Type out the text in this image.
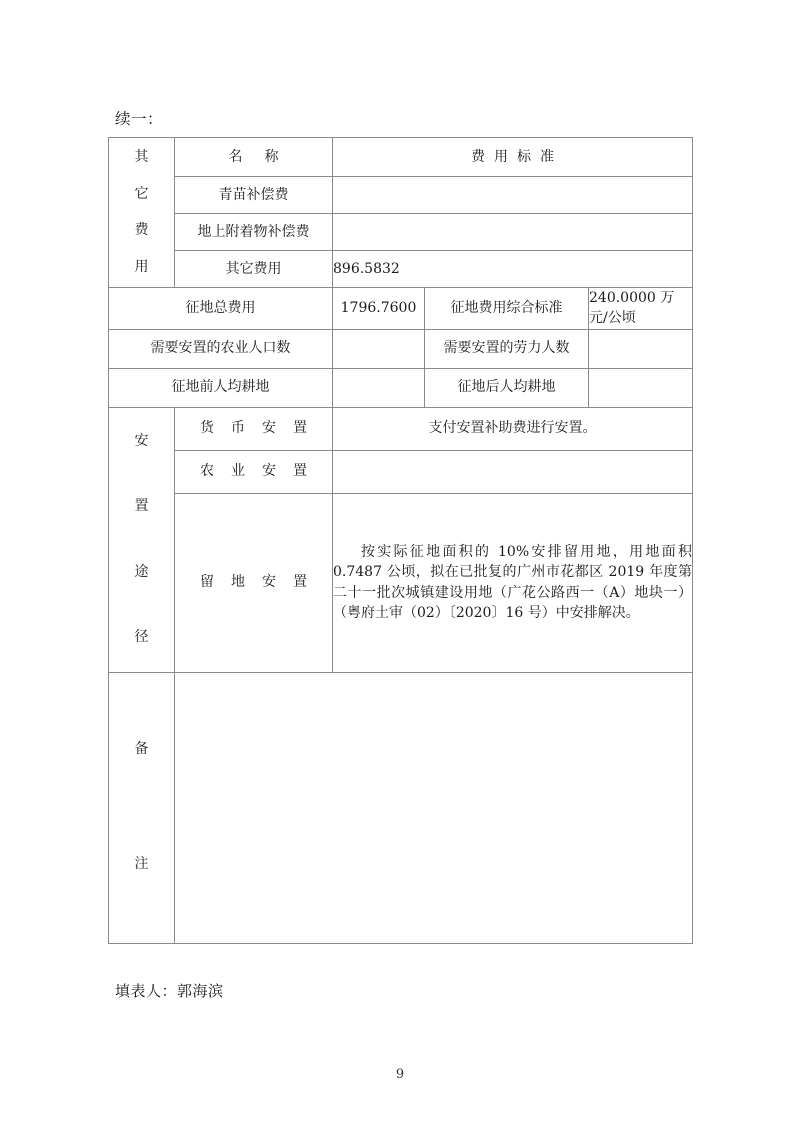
续一：
其
它
费
用	名称	费用标准		
	青苗补偿费			
	地上附着物补偿费			
	其它费用	896.5832		
征地总费用		1796.7600	征地费用综合标准	240.0000 万元/公顷
需要安置的农业人口数			需要安置的劳力人数	
征地前人均耕地			征地后人均耕地	

安
置
途
径	货币安置	支付安置补助费进行安置。		
	农业安置			
	留地安置	按实际征地面积的 10%安排留用地，用地面积 0.7487 公顷，拟在已批复的广州市花都区 2019 年度第二十一批次城镇建设用地（广花公路西一（A）地块一）（粤府土审（02）〔2020〕16 号）中安排解决。		

备
注				

填表人：郭海滨
9
